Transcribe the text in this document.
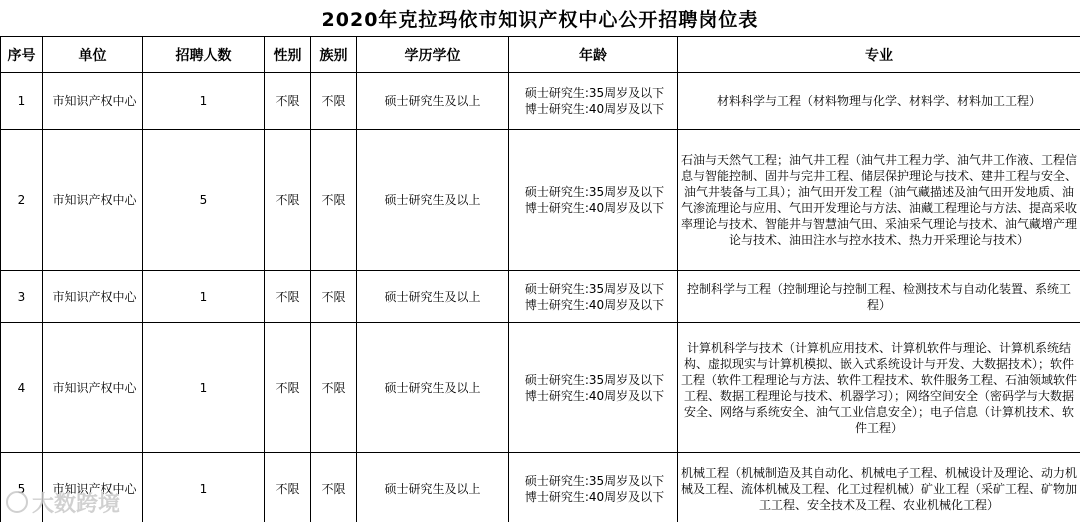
2020年克拉玛依市知识产权中心公开招聘岗位表
序号	单位	招聘人数	性别	族别	学历学位	年龄	专业
1	市知识产权中心	1	不限	不限	硕士研究生及以上	硕士研究生:35周岁及以下
博士研究生:40周岁及以下	材料科学与工程（材料物理与化学、材料学、材料加工工程）
2	市知识产权中心	5	不限	不限	硕士研究生及以上	硕士研究生:35周岁及以下
博士研究生:40周岁及以下	石油与天然气工程；油气井工程（油气井工程力学、油气井工作液、工程信息与智能控制、固井与完井工程、储层保护理论与技术、建井工程与安全、油气井装备与工具）；油气田开发工程（油气藏描述及油气田开发地质、油气渗流理论与应用、气田开发理论与方法、油藏工程理论与方法、提高采收率理论与技术、智能井与智慧油气田、采油采气理论与技术、油气藏增产理论与技术、油田注水与控水技术、热力开采理论与技术）
3	市知识产权中心	1	不限	不限	硕士研究生及以上	硕士研究生:35周岁及以下
博士研究生:40周岁及以下	控制科学与工程（控制理论与控制工程、检测技术与自动化装置、系统工程）
4	市知识产权中心	1	不限	不限	硕士研究生及以上	硕士研究生:35周岁及以下
博士研究生:40周岁及以下	计算机科学与技术（计算机应用技术、计算机软件与理论、计算机系统结构、虚拟现实与计算机模拟、嵌入式系统设计与开发、大数据技术）；软件工程（软件工程理论与方法、软件工程技术、软件服务工程、石油领域软件工程、数据工程理论与技术、机器学习）；网络空间安全（密码学与大数据安全、网络与系统安全、油气工业信息安全）；电子信息（计算机技术、软件工程）
5	市知识产权中心	1	不限	不限	硕士研究生及以上	硕士研究生:35周岁及以下
博士研究生:40周岁及以下	机械工程（机械制造及其自动化、机械电子工程、机械设计及理论、动力机械及工程、流体机械及工程、化工过程机械）矿业工程（采矿工程、矿物加工工程、安全技术及工程、农业机械化工程）
大数跨境
